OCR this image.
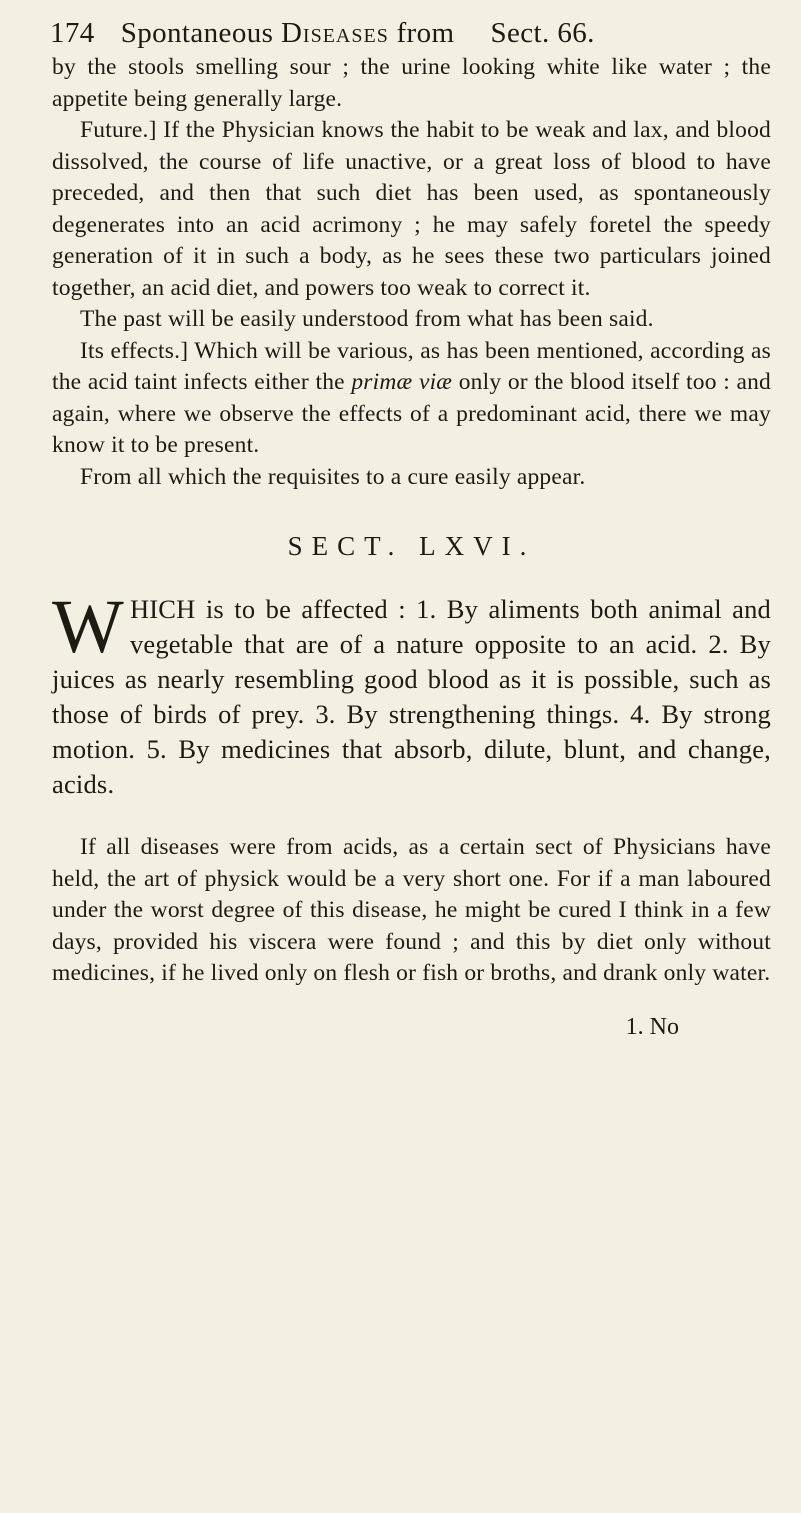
174 Spontaneous Diseases from Sect. 66.

by the stools smelling sour ; the urine looking white like water ; the appetite being generally large.

Future.] If the Physician knows the habit to be weak and lax, and blood dissolved, the course of life unactive, or a great loss of blood to have preceded, and then that such diet has been used, as spontaneously degenerates into an acid acrimony ; he may safely foretel the speedy generation of it in such a body, as he sees these two particulars joined together, an acid diet, and powers too weak to correct it.

The past will be easily understood from what has been said.

Its effects.] Which will be various, as has been mentioned, according as the acid taint infects either the primæ viæ only or the blood itself too : and again, where we observe the effects of a predominant acid, there we may know it to be present.

From all which the requisites to a cure easily appear.

SECT. LXVI.

WHICH is to be affected : 1. By aliments both animal and vegetable that are of a nature opposite to an acid. 2. By juices as nearly resembling good blood as it is possible, such as those of birds of prey. 3. By strengthening things. 4. By strong motion. 5. By medicines that absorb, dilute, blunt, and change, acids.

If all diseases were from acids, as a certain sect of Physicians have held, the art of physick would be a very short one. For if a man laboured under the worst degree of this disease, he might be cured I think in a few days, provided his viscera were found ; and this by diet only without medicines, if he lived only on flesh or fish or broths, and drank only water.

1. No
